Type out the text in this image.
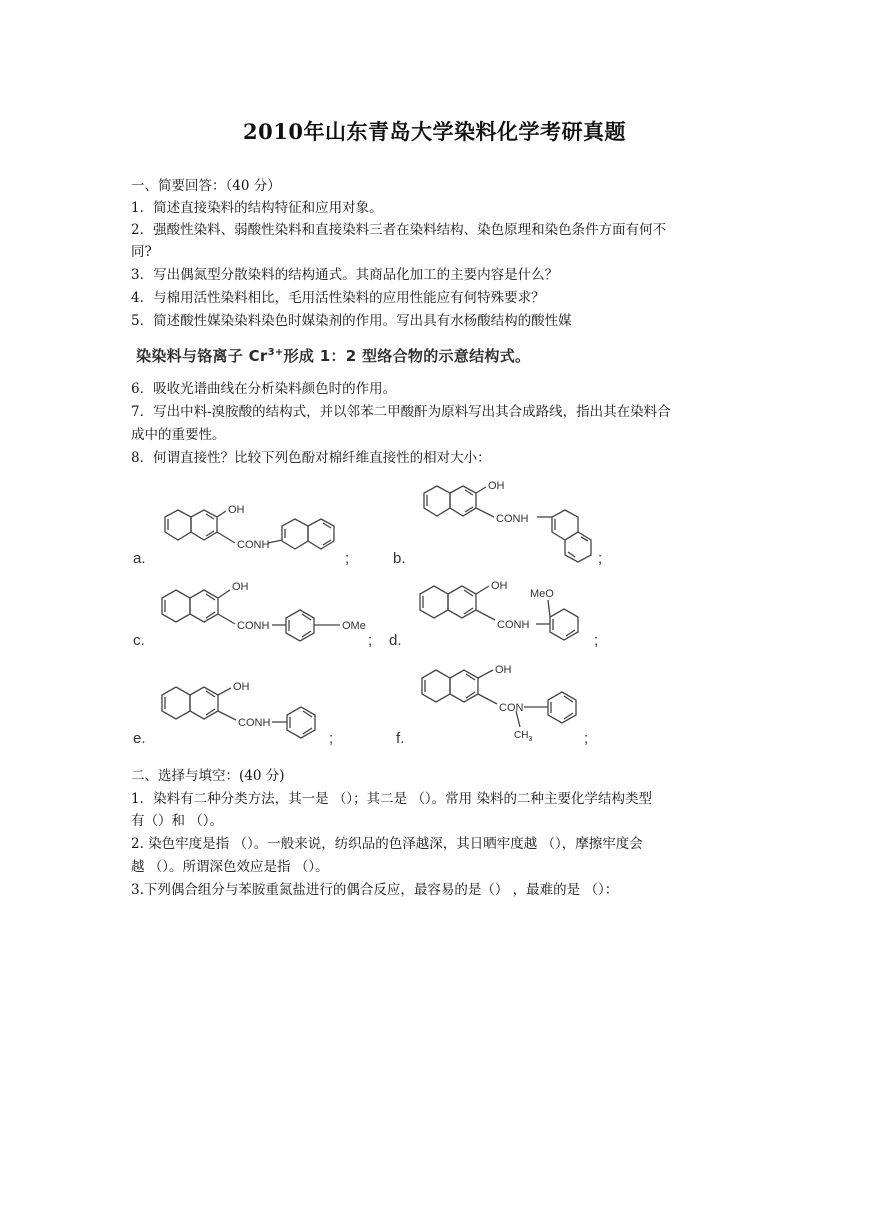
2010年山东青岛大学染料化学考研真题
一、简要回答：（40 分）
1．简述直接染料的结构特征和应用对象。
2．强酸性染料、弱酸性染料和直接染料三者在染料结构、染色原理和染色条件方面有何不
同?
3．写出偶氮型分散染料的结构通式。其商品化加工的主要内容是什么？
4．与棉用活性染料相比，毛用活性染料的应用性能应有何特殊要求？
5．简述酸性媒染染料染色时媒染剂的作用。写出具有水杨酸结构的酸性媒
染染料与铬离子 $Cr^{3+}$形成 1：2 型络合物的示意结构式。
6．吸收光谱曲线在分析染料颜色时的作用。
7．写出中料-溴胺酸的结构式，并以邻苯二甲酸酐为原料写出其合成路线，指出其在染料合
成中的重要性。
8．何谓直接性？比较下列色酚对棉纤维直接性的相对大小：
a.	;	b.	;
c.	; d.	;
e.	;	f.	;
OH
CONH
OH
CONH
OH
CONH	OMe
OH
CONH
MeO
OH
CONH
OH
CON
$CH_3$
二、选择与填空：(40 分)
1．染料有二种分类方法，其一是 （）；其二是 （）。常用 染料的二种主要化学结构类型
有（）和 （）。
2. 染色牢度是指 （）。一般来说，纺织品的色泽越深，其日晒牢度越 （），摩擦牢度会
越 （）。所谓深色效应是指 （）。
3.下列偶合组分与苯胺重氮盐进行的偶合反应，最容易的是（） ，最难的是 （）：
